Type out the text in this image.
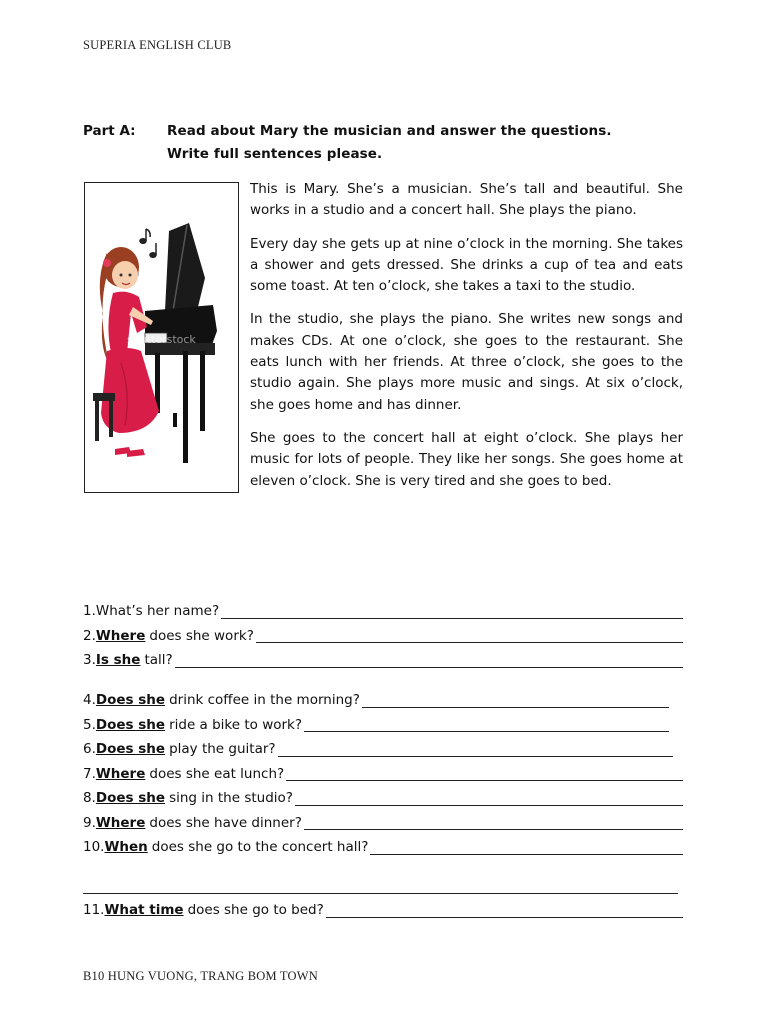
SUPERIA ENGLISH CLUB
Part A: Read about Mary the musician and answer the questions.
Write full sentences please.
shutterstock

This is Mary. She’s a musician. She’s tall and beautiful. She works in a studio and a concert hall. She plays the piano.

Every day she gets up at nine o’clock in the morning. She takes a shower and gets dressed. She drinks a cup of tea and eats some toast. At ten o’clock, she takes a taxi to the studio.

In the studio, she plays the piano. She writes new songs and makes CDs. At one o’clock, she goes to the restaurant. She eats lunch with her friends. At three o’clock, she goes to the studio again. She plays more music and sings. At six o’clock, she goes home and has dinner.

She goes to the concert hall at eight o’clock. She plays her music for lots of people. They like her songs. She goes home at eleven o’clock. She is very tired and she goes to bed.

1. What’s her name?
2. Where does she work?
3. Is she tall?
4. Does she drink coffee in the morning?
5. Does she ride a bike to work?
6. Does she play the guitar?
7. Where does she eat lunch?
8. Does she sing in the studio?
9. Where does she have dinner?
10. When does she go to the concert hall?
11. What time does she go to bed?
B10 HUNG VUONG, TRANG BOM TOWN
